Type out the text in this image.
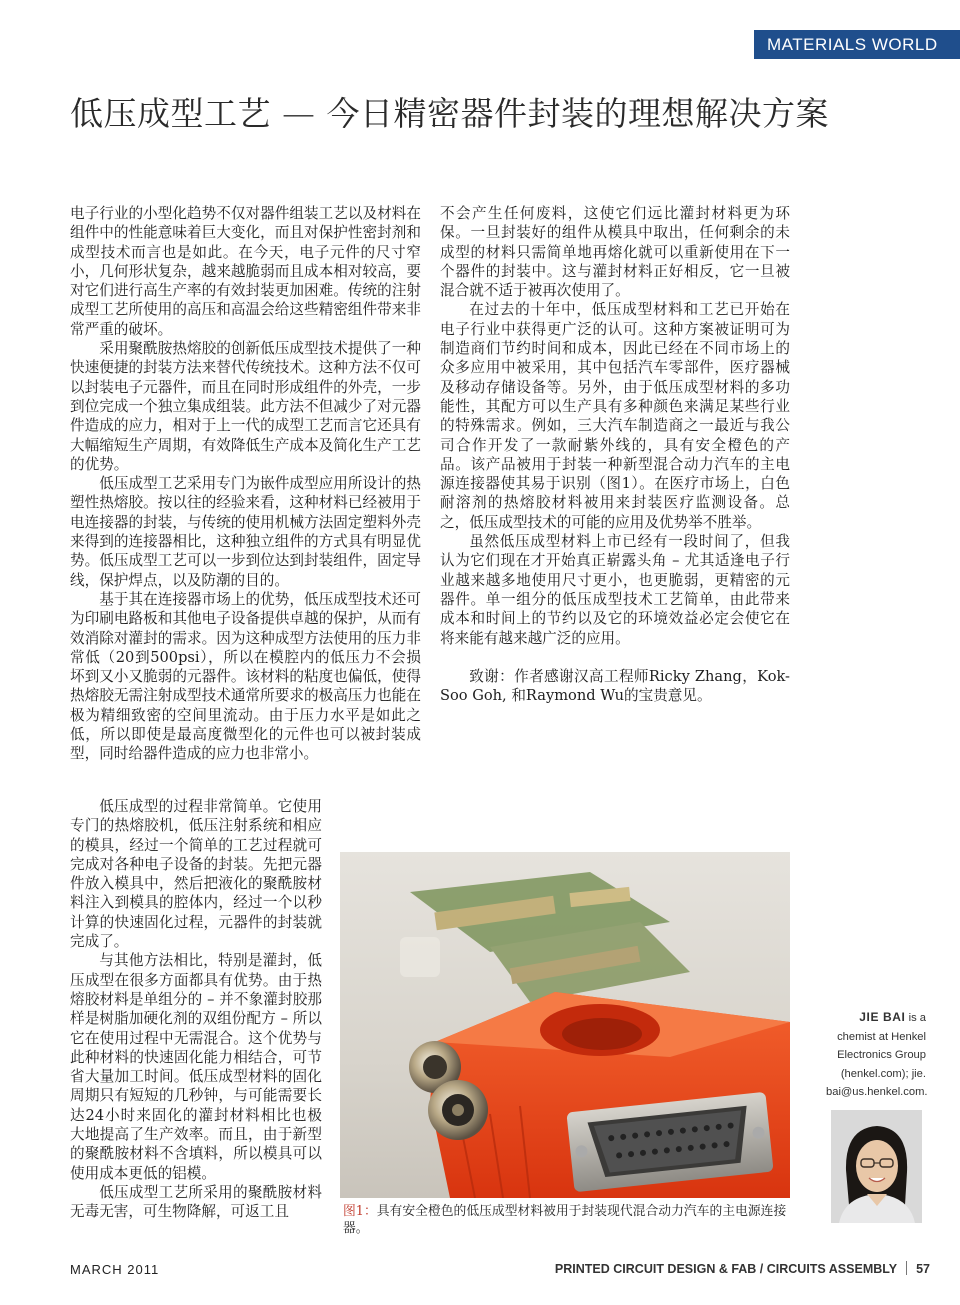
MATERIALS WORLD
低压成型工艺 — 今日精密器件封装的理想解决方案

电子行业的小型化趋势不仅对器件组装工艺以及材料在组件中的性能意味着巨大变化，而且对保护性密封剂和成型技术而言也是如此。在今天，电子元件的尺寸窄小，几何形状复杂，越来越脆弱而且成本相对较高，要对它们进行高生产率的有效封装更加困难。传统的注射成型工艺所使用的高压和高温会给这些精密组件带来非常严重的破坏。

采用聚酰胺热熔胶的创新低压成型技术提供了一种快速便捷的封装方法来替代传统技术。这种方法不仅可以封装电子元器件，而且在同时形成组件的外壳，一步到位完成一个独立集成组装。此方法不但减少了对元器件造成的应力，相对于上一代的成型工艺而言它还具有大幅缩短生产周期，有效降低生产成本及简化生产工艺的优势。

低压成型工艺采用专门为嵌件成型应用所设计的热塑性热熔胶。按以往的经验来看，这种材料已经被用于电连接器的封装，与传统的使用机械方法固定塑料外壳来得到的连接器相比，这种独立组件的方式具有明显优势。低压成型工艺可以一步到位达到封装组件，固定导线，保护焊点，以及防潮的目的。

基于其在连接器市场上的优势，低压成型技术还可为印刷电路板和其他电子设备提供卓越的保护，从而有效消除对灌封的需求。因为这种成型方法使用的压力非常低（20到500psi），所以在模腔内的低压力不会损坏到又小又脆弱的元器件。该材料的粘度也偏低，使得热熔胶无需注射成型技术通常所要求的极高压力也能在极为精细致密的空间里流动。由于压力水平是如此之低，所以即使是最高度微型化的元件也可以被封装成型，同时给器件造成的应力也非常小。

低压成型的过程非常简单。它使用专门的热熔胶机，低压注射系统和相应的模具，经过一个简单的工艺过程就可完成对各种电子设备的封装。先把元器件放入模具中，然后把液化的聚酰胺材料注入到模具的腔体内，经过一个以秒计算的快速固化过程，元器件的封装就完成了。

与其他方法相比，特别是灌封，低压成型在很多方面都具有优势。由于热熔胶材料是单组分的 – 并不象灌封胶那样是树脂加硬化剂的双组份配方 – 所以它在使用过程中无需混合。这个优势与此种材料的快速固化能力相结合，可节省大量加工时间。低压成型材料的固化周期只有短短的几秒钟，与可能需要长达24小时来固化的灌封材料相比也极大地提高了生产效率。而且，由于新型的聚酰胺材料不含填料，所以模具可以使用成本更低的铝模。

低压成型工艺所采用的聚酰胺材料无毒无害，可生物降解，可返工且

不会产生任何废料，这使它们远比灌封材料更为环保。一旦封装好的组件从模具中取出，任何剩余的未成型的材料只需简单地再熔化就可以重新使用在下一个器件的封装中。这与灌封材料正好相反，它一旦被混合就不适于被再次使用了。

在过去的十年中，低压成型材料和工艺已开始在电子行业中获得更广泛的认可。这种方案被证明可为制造商们节约时间和成本，因此已经在不同市场上的众多应用中被采用，其中包括汽车零部件，医疗器械及移动存储设备等。另外，由于低压成型材料的多功能性，其配方可以生产具有多种颜色来满足某些行业的特殊需求。例如，三大汽车制造商之一最近与我公司合作开发了一款耐紫外线的，具有安全橙色的产品。该产品被用于封装一种新型混合动力汽车的主电源连接器使其易于识别（图1）。在医疗市场上，白色耐溶剂的热熔胶材料被用来封装医疗监测设备。总之，低压成型技术的可能的应用及优势举不胜举。

虽然低压成型材料上市已经有一段时间了，但我认为它们现在才开始真正崭露头角 – 尤其适逢电子行业越来越多地使用尺寸更小，也更脆弱，更精密的元器件。单一组分的低压成型技术工艺简单，由此带来成本和时间上的节约以及它的环境效益必定会使它在将来能有越来越广泛的应用。

致谢：作者感谢汉高工程师Ricky Zhang，Kok-Soo Goh, 和Raymond Wu的宝贵意见。

图1：具有安全橙色的低压成型材料被用于封装现代混合动力汽车的主电源连接器。
JIE BAI is a
chemist at Henkel
Electronics Group
(henkel.com); jie.
bai@us.henkel.com.
MARCH 2011	PRINTED CIRCUIT DESIGN & FAB / CIRCUITS ASSEMBLY 57
